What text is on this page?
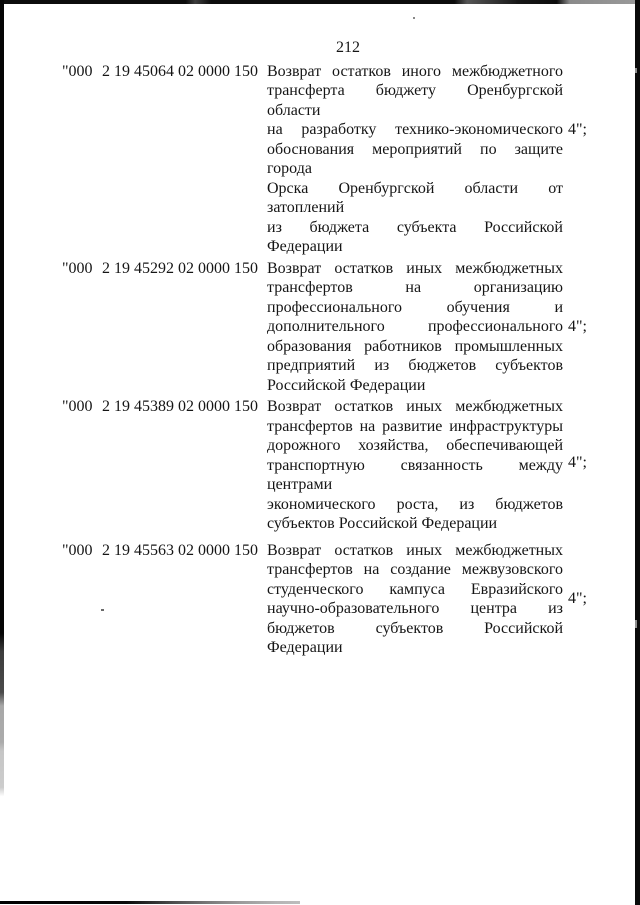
212
"000 2 19 45064 02 0000 150 Возврат остатков иного межбюджетного
трансферта бюджету Оренбургской области
на разработку технико-экономического
обоснования мероприятий по защите города
Орска Оренбургской области от затоплений
из бюджета субъекта Российской
Федерации
4";
"000 2 19 45292 02 0000 150 Возврат остатков иных межбюджетных
трансфертов на организацию
профессионального обучения и
дополнительного профессионального
образования работников промышленных
предприятий из бюджетов субъектов
Российской Федерации
4";
"000 2 19 45389 02 0000 150 Возврат остатков иных межбюджетных
трансфертов на развитие инфраструктуры
дорожного хозяйства, обеспечивающей
транспортную связанность между центрами
экономического роста, из бюджетов
субъектов Российской Федерации
4";
"000 2 19 45563 02 0000 150 Возврат остатков иных межбюджетных
трансфертов на создание межвузовского
студенческого кампуса Евразийского
научно-образовательного центра из
бюджетов субъектов Российской
Федерации
4";
